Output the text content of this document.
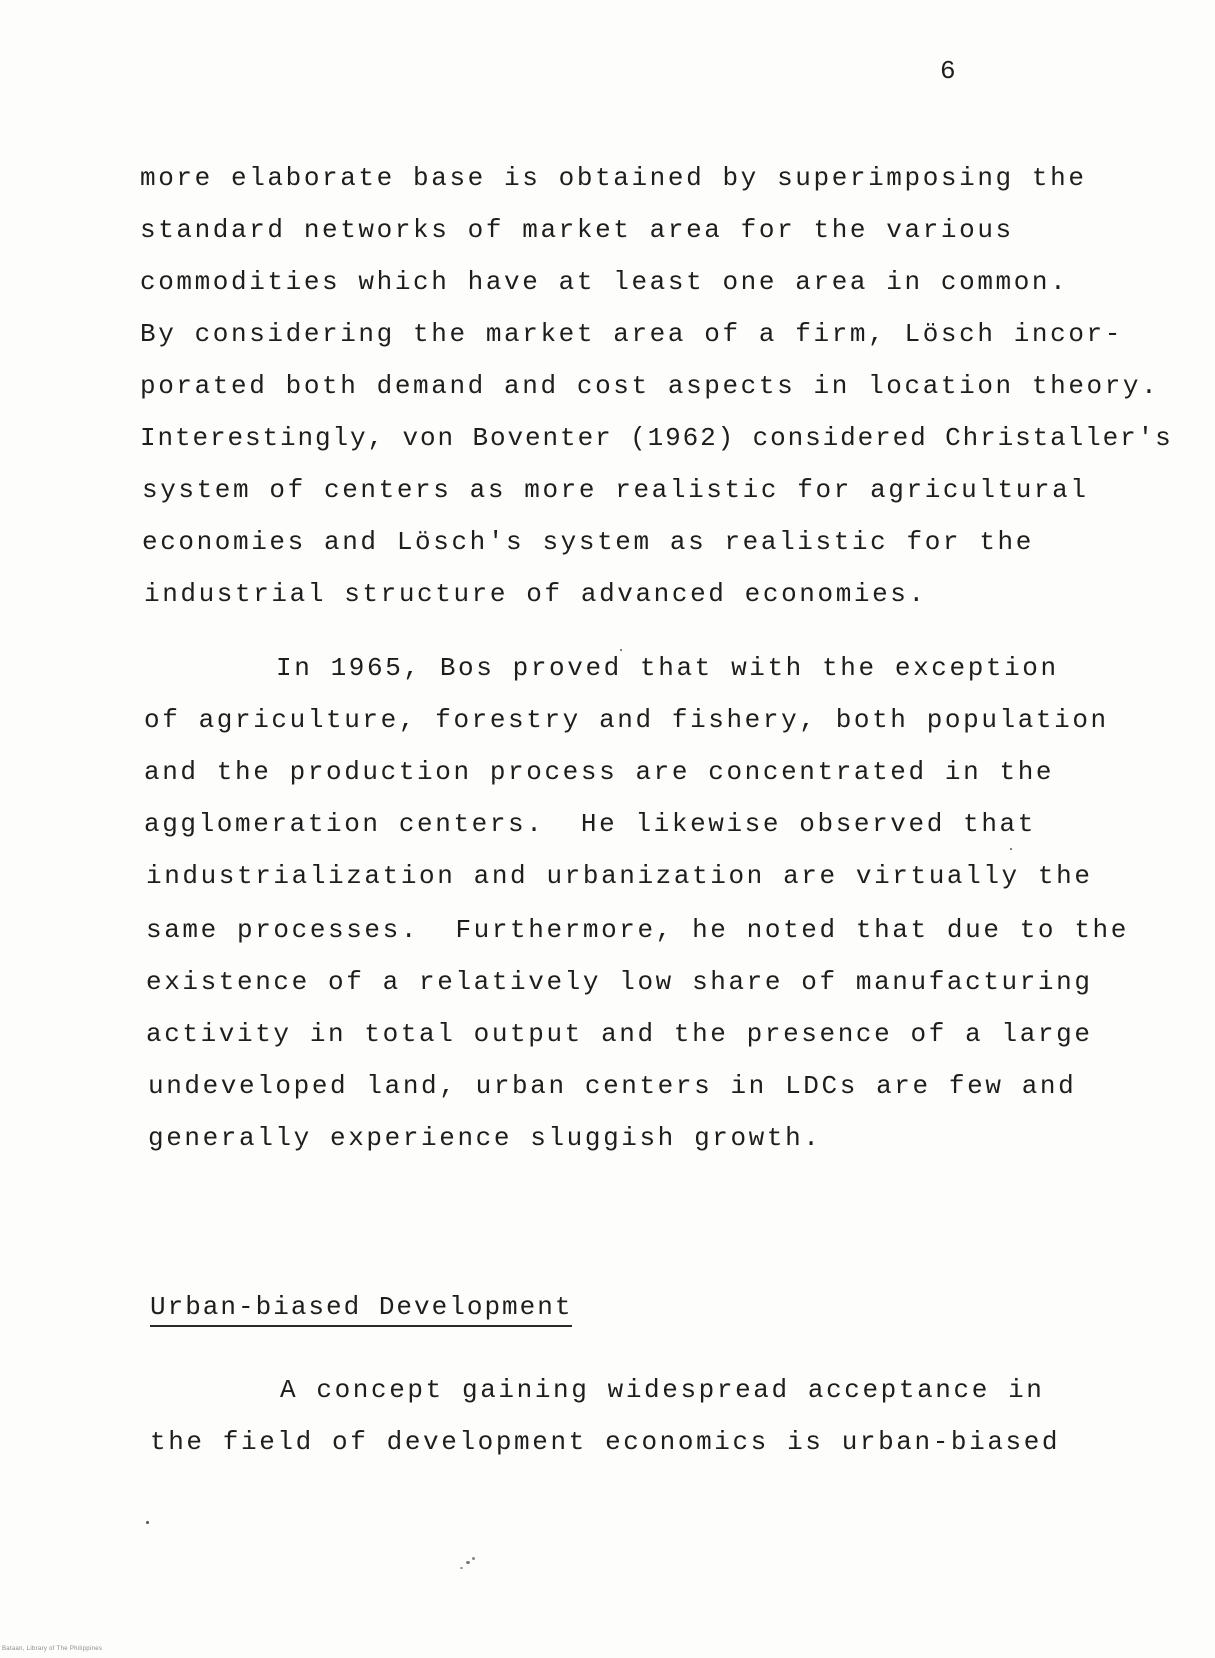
6
more elaborate base is obtained by superimposing the
standard networks of market area for the various
commodities which have at least one area in common.
By considering the market area of a firm, Lösch incor-
porated both demand and cost aspects in location theory.
Interestingly, von Boventer (1962) considered Christaller's
system of centers as more realistic for agricultural
economies and Lösch's system as realistic for the
industrial structure of advanced economies.
In 1965, Bos proved that with the exception
of agriculture, forestry and fishery, both population
and the production process are concentrated in the
agglomeration centers.  He likewise observed that
industrialization and urbanization are virtually the
same processes.  Furthermore, he noted that due to the
existence of a relatively low share of manufacturing
activity in total output and the presence of a large
undeveloped land, urban centers in LDCs are few and
generally experience sluggish growth.
Urban-biased Development
A concept gaining widespread acceptance in
the field of development economics is urban-biased
Bataan, Library of The Philippines
